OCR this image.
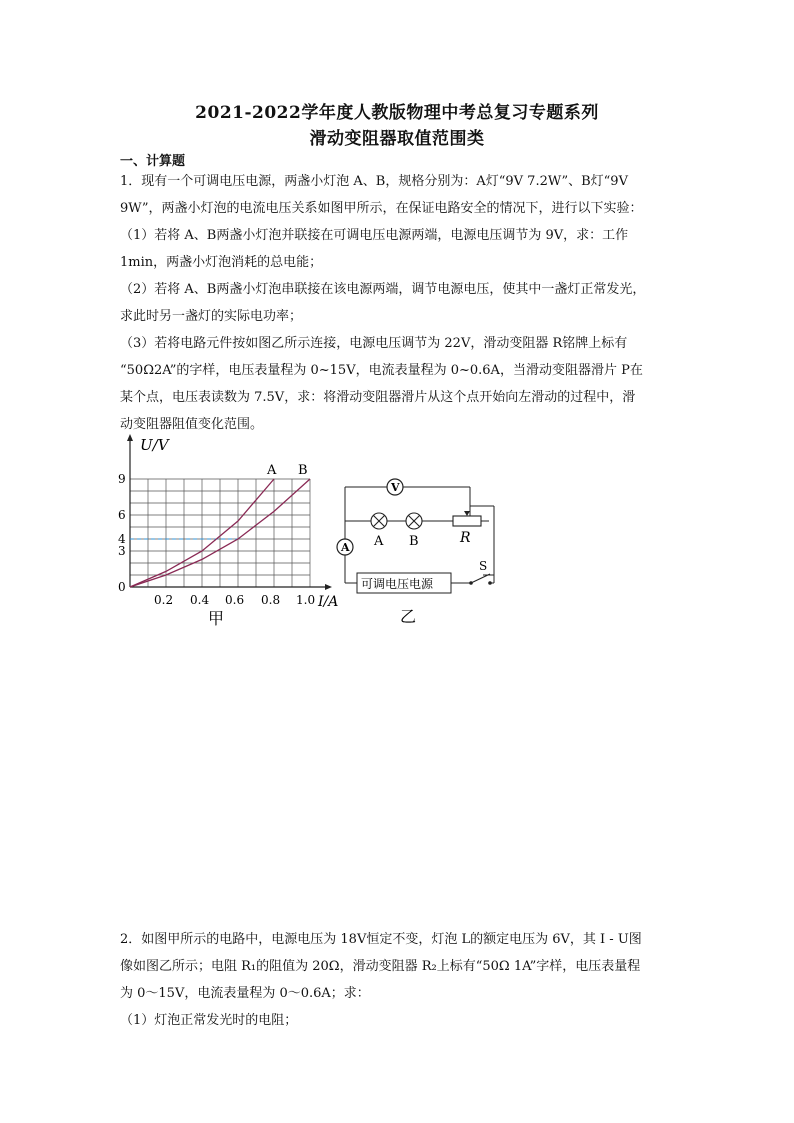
2021-2022学年度人教版物理中考总复习专题系列
滑动变阻器取值范围类
一、计算题
1．现有一个可调电压电源，两盏小灯泡 A、B，规格分别为：A灯“9V 7.2W”、B灯“9V
9W”，两盏小灯泡的电流电压关系如图甲所示，在保证电路安全的情况下，进行以下实验：
（1）若将 A、B两盏小灯泡并联接在可调电压电源两端，电源电压调节为 9V，求：工作
1min，两盏小灯泡消耗的总电能；
（2）若将 A、B两盏小灯泡串联接在该电源两端，调节电源电压，使其中一盏灯正常发光，
求此时另一盏灯的实际电功率；
（3）若将电路元件按如图乙所示连接，电源电压调节为 22V，滑动变阻器 R铭牌上标有
“50Ω2A”的字样，电压表量程为 0~15V，电流表量程为 0~0.6A，当滑动变阻器滑片 P在
某个点，电压表读数为 7.5V，求：将滑动变阻器滑片从这个点开始向左滑动的过程中，滑
动变阻器阻值变化范围。
U/V
I/A
0
3
4
6
9
0.2 0.4 0.6 0.8 1.0
A B
甲
V
A B	R
A
可调电压电源
S
乙
2．如图甲所示的电路中，电源电压为 18V恒定不变，灯泡 L的额定电压为 6V，其 I - U图
像如图乙所示；电阻 R₁的阻值为 20Ω，滑动变阻器 R₂上标有“50Ω 1A”字样，电压表量程
为 0～15V，电流表量程为 0～0.6A；求：
（1）灯泡正常发光时的电阻；
